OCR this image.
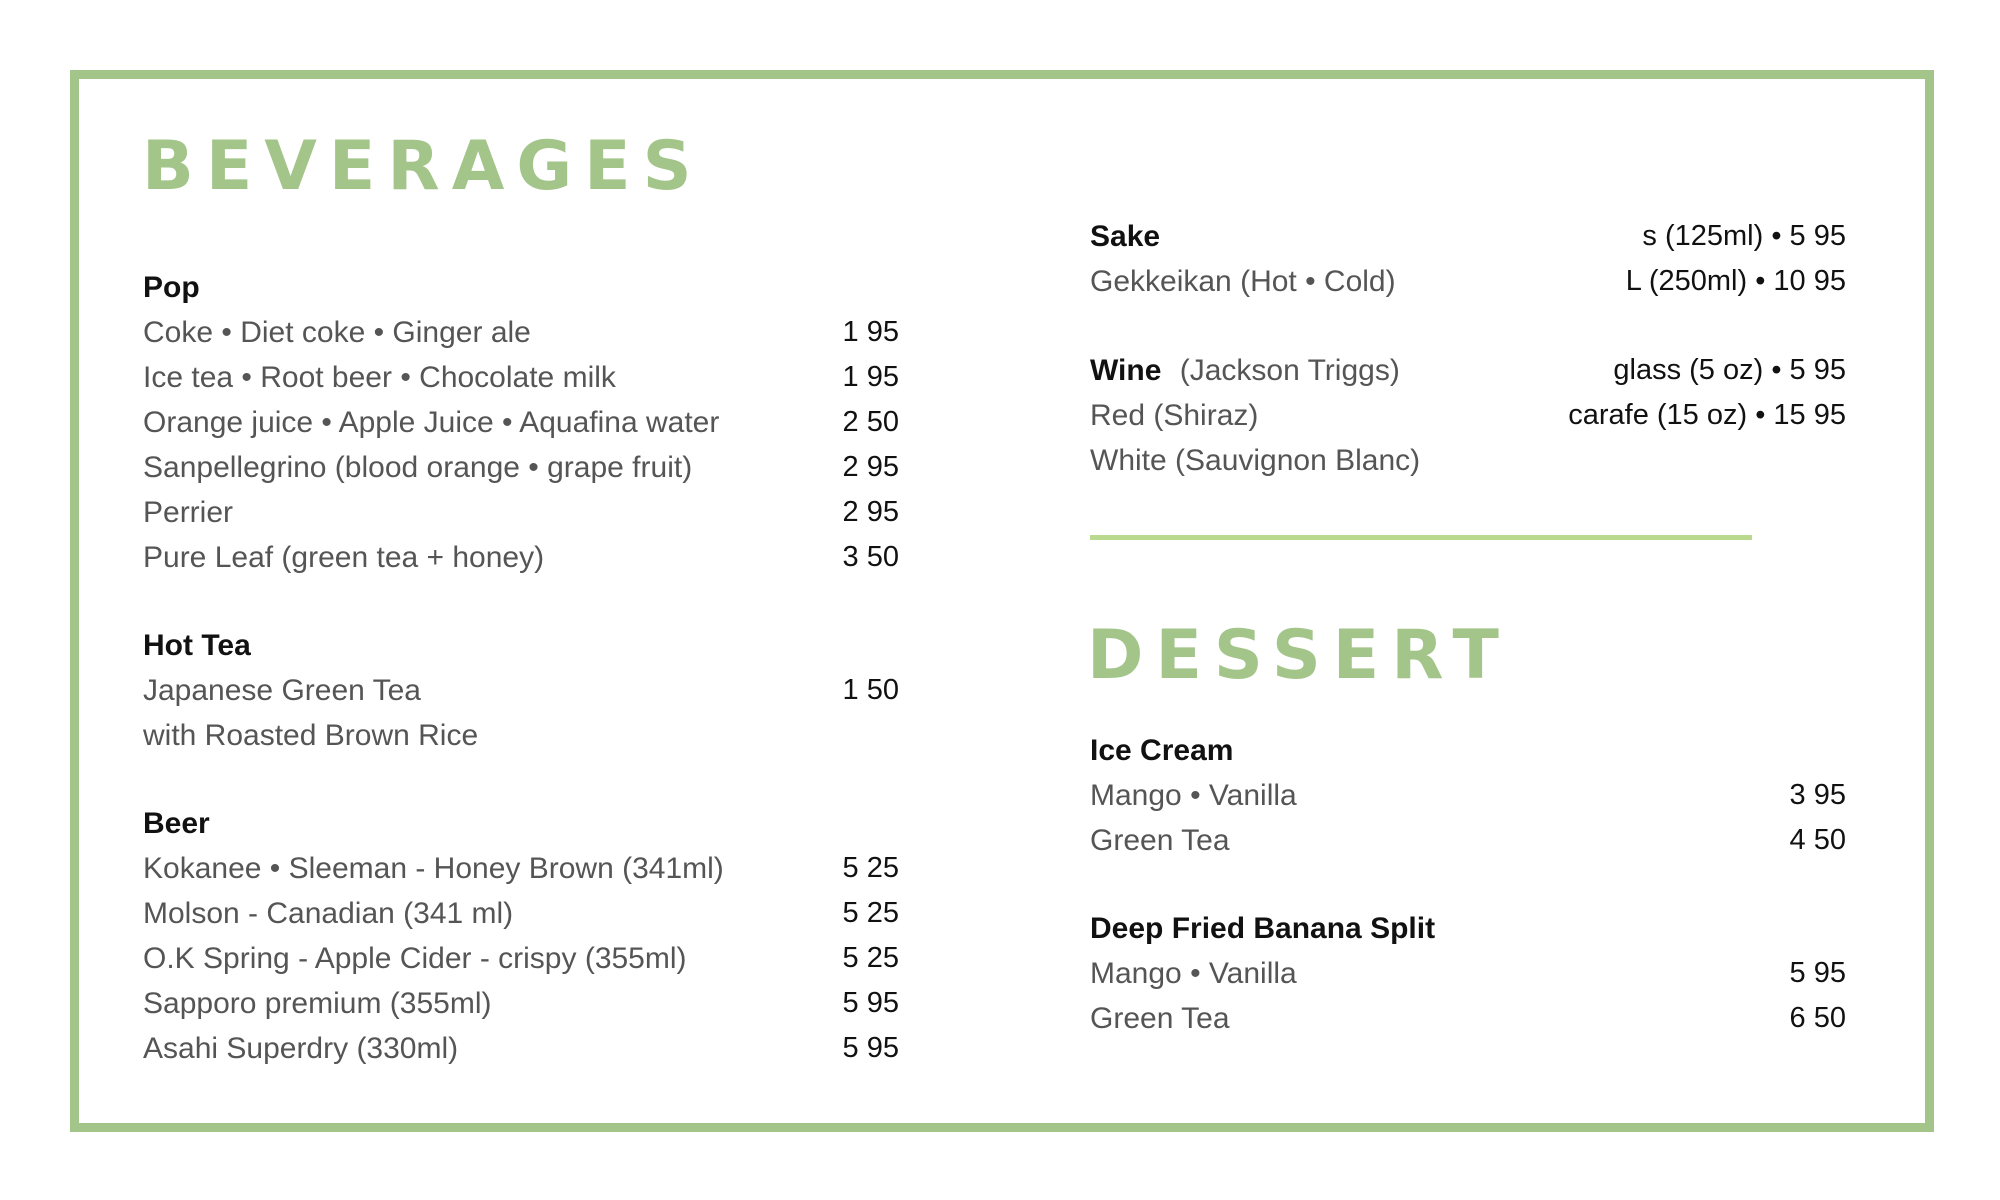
BEVERAGES
Pop
Coke • Diet coke • Ginger ale	1 95
Ice tea • Root beer • Chocolate milk	1 95
Orange juice • Apple Juice • Aquafina water	2 50
Sanpellegrino (blood orange • grape fruit)	2 95
Perrier	2 95
Pure Leaf (green tea + honey)	3 50
Hot Tea
Japanese Green Tea	1 50
with Roasted Brown Rice
Beer
Kokanee • Sleeman - Honey Brown (341ml)	5 25
Molson - Canadian (341 ml)	5 25
O.K Spring - Apple Cider - crispy (355ml)	5 25
Sapporo premium (355ml)	5 95
Asahi Superdry (330ml)	5 95
Sake	s (125ml) • 5 95
Gekkeikan (Hot • Cold)	L (250ml) • 10 95
Wine (Jackson Triggs)	glass (5 oz) • 5 95
Red (Shiraz)	carafe (15 oz) • 15 95
White (Sauvignon Blanc)
DESSERT
Ice Cream
Mango • Vanilla	3 95
Green Tea	4 50
Deep Fried Banana Split
Mango • Vanilla	5 95
Green Tea	6 50
